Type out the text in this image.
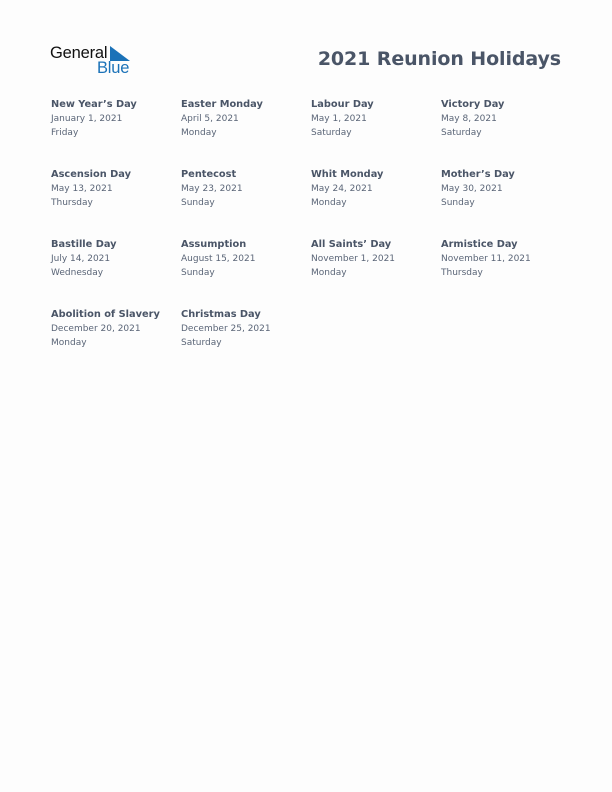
General
Blue	2021 Reunion Holidays
New Year’s Day
January 1, 2021
Friday
Easter Monday
April 5, 2021
Monday
Labour Day
May 1, 2021
Saturday
Victory Day
May 8, 2021
Saturday
Ascension Day
May 13, 2021
Thursday
Pentecost
May 23, 2021
Sunday
Whit Monday
May 24, 2021
Monday
Mother’s Day
May 30, 2021
Sunday
Bastille Day
July 14, 2021
Wednesday
Assumption
August 15, 2021
Sunday
All Saints’ Day
November 1, 2021
Monday
Armistice Day
November 11, 2021
Thursday
Abolition of Slavery
December 20, 2021
Monday
Christmas Day
December 25, 2021
Saturday
